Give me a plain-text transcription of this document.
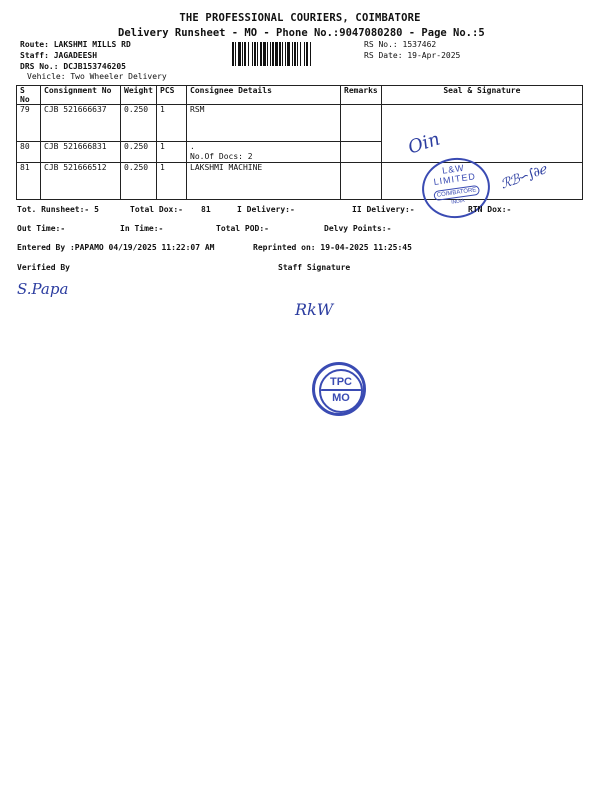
THE PROFESSIONAL COURIERS, COIMBATORE
Delivery Runsheet - MO - Phone No.:9047080280 - Page No.:5
Route: LAKSHMI MILLS RD
Staff: JAGADEESH
DRS No.: DCJB153746205
Vehicle: Two Wheeler Delivery
RS No.: 1537462
RS Date: 19-Apr-2025
S No	Consignment No	Weight	PCS	Consignee Details	Remarks	Seal & Signature
79	CJB 521666637	0.250	1	RSM		Oin

80	CJB 521666831	0.250	1	.
No.Of Docs: 2		

81	CJB 521666512	0.250	1	LAKSHMI MACHINE			L&W LIMITED
COIMBATORE
INDIA
ℛℬ∽∫∂ℯ
Tot. Runsheet:- 5	Total Dox:- 81	I Delivery:-	II Delivery:-	RTN Dox:-
Out Time:-	In Time:-	Total POD:-	Delvy Points:-
Entered By :PAPAMO 04/19/2025 11:22:07 AM	Reprinted on: 19-04-2025 11:25:45
Verified By	Staff Signature
S.Papa
RkW
TPC
MO
